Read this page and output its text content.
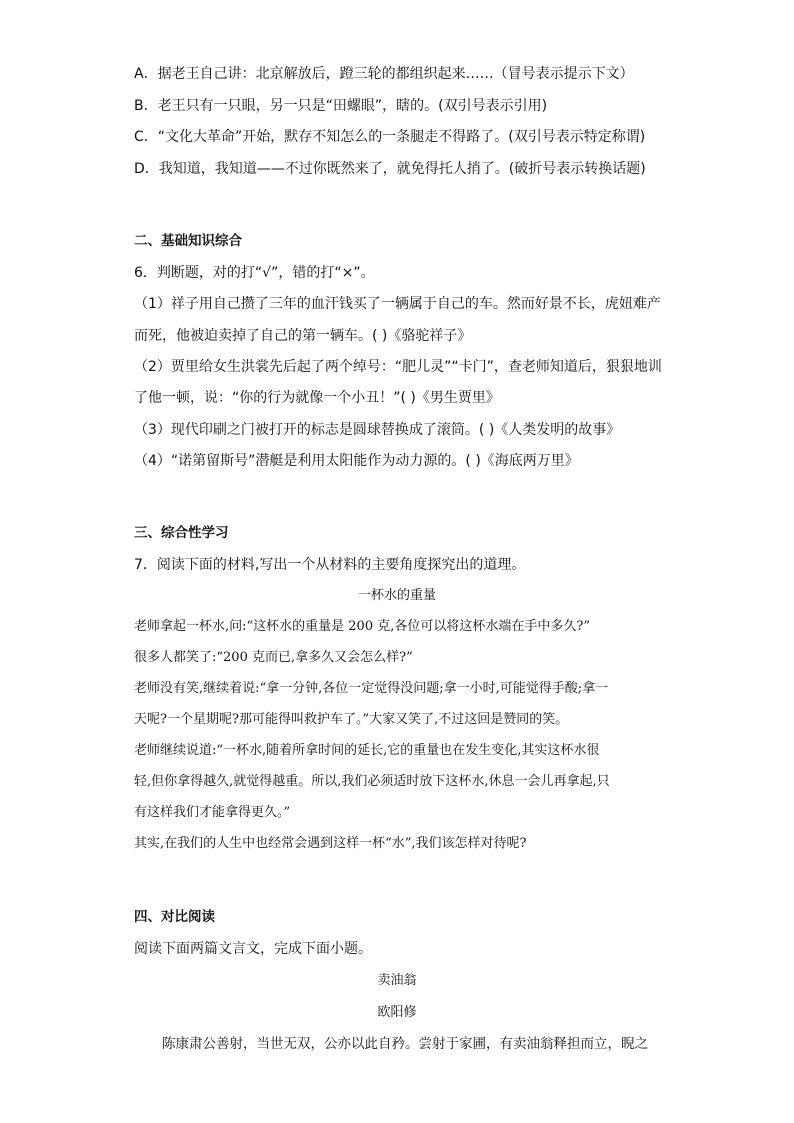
A．据老王自己讲：北京解放后，蹬三轮的都组织起来……（冒号表示提示下文）
B．老王只有一只眼，另一只是“田螺眼”，瞎的。(双引号表示引用)
C．“文化大革命”开始，默存不知怎么的一条腿走不得路了。(双引号表示特定称谓)
D．我知道，我知道——不过你既然来了，就免得托人捎了。(破折号表示转换话题)
二、基础知识综合
6．判断题，对的打“√”，错的打“×”。
（1）祥子用自己攒了三年的血汗钱买了一辆属于自己的车。然而好景不长，虎妞难产
而死，他被迫卖掉了自己的第一辆车。( )《骆驼祥子》
（2）贾里给女生洪裳先后起了两个绰号：“肥儿灵”“卡门”，查老师知道后，狠狠地训
了他一顿，说：“你的行为就像一个小丑！”( )《男生贾里》
（3）现代印刷之门被打开的标志是圆球替换成了滚筒。( )《人类发明的故事》
（4）“诺第留斯号”潜艇是利用太阳能作为动力源的。( )《海底两万里》
三、综合性学习
7．阅读下面的材料,写出一个从材料的主要角度探究出的道理。
一杯水的重量
老师拿起一杯水,问:“这杯水的重量是 200 克,各位可以将这杯水端在手中多久?”
很多人都笑了:“200 克而已,拿多久又会怎么样?”
老师没有笑,继续着说:“拿一分钟,各位一定觉得没问题;拿一小时,可能觉得手酸;拿一
天呢?一个星期呢?那可能得叫救护车了。”大家又笑了,不过这回是赞同的笑。
老师继续说道:“一杯水,随着所拿时间的延长,它的重量也在发生变化,其实这杯水很
轻,但你拿得越久,就觉得越重。所以,我们必须适时放下这杯水,休息一会儿再拿起,只
有这样我们才能拿得更久。”
其实,在我们的人生中也经常会遇到这样一杯“水”,我们该怎样对待呢?
四、对比阅读
阅读下面两篇文言文，完成下面小题。
卖油翁
欧阳修
陈康肃公善射，当世无双，公亦以此自矜。尝射于家圃，有卖油翁释担而立，睨之
